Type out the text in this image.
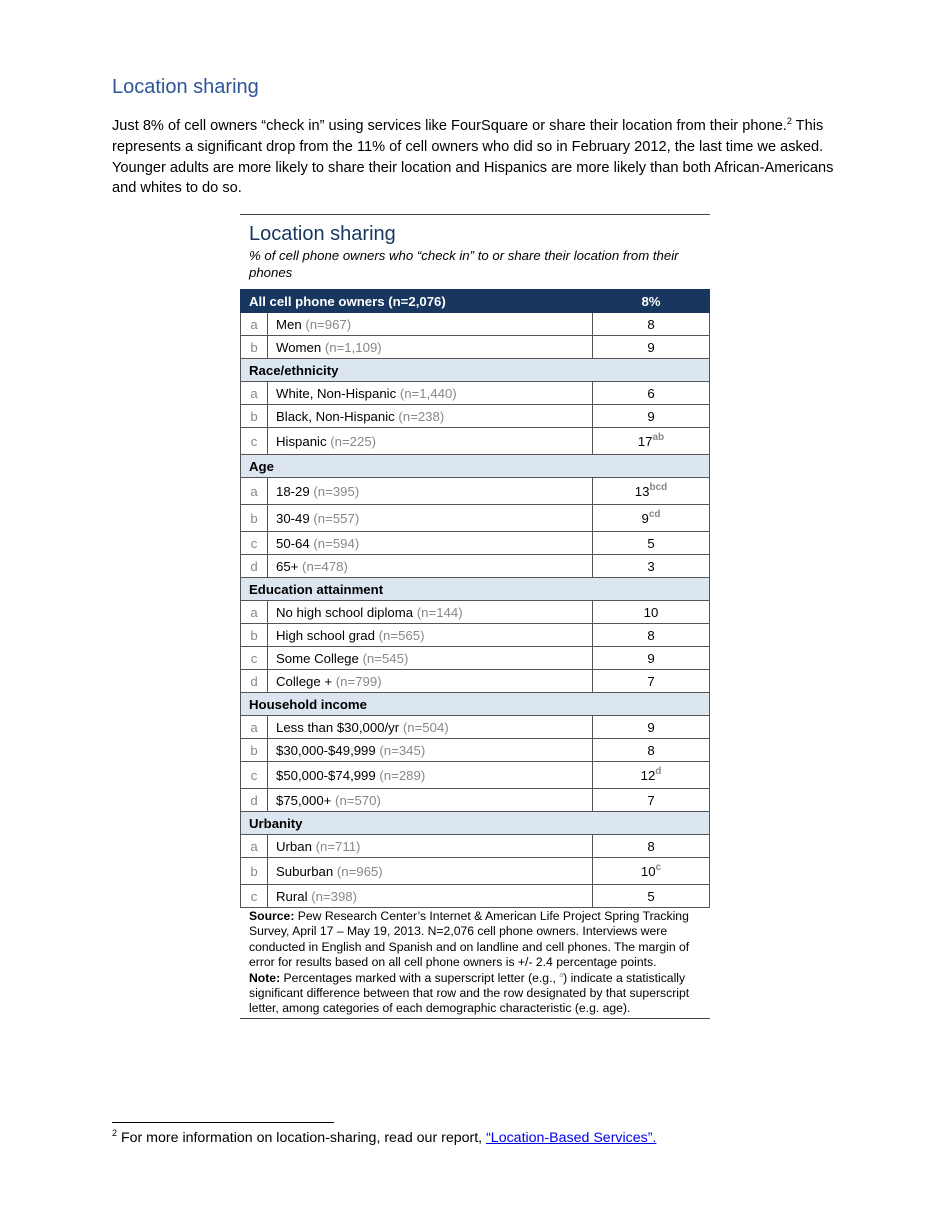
Location sharing

Just 8% of cell owners “check in” using services like FourSquare or share their location from their phone.$^2$ This represents a significant drop from the 11% of cell owners who did so in February 2012, the last time we asked. Younger adults are more likely to share their location and Hispanics are more likely than both African-Americans and whites to do so.

Location sharing

% of cell phone owners who “check in” to or share their location from their phones

All cell phone owners (n=2,076)		8%
a	Men (n=967)	8
b	Women (n=1,109)	9
Race/ethnicity		
a	White, Non-Hispanic (n=1,440)	6
b	Black, Non-Hispanic (n=238)	9
c	Hispanic (n=225)	$17^{ab}$
Age		
a	18-29 (n=395)	$13^{bcd}$
b	30-49 (n=557)	$9^{cd}$
c	50-64 (n=594)	5
d	65+ (n=478)	3
Education attainment		
a	No high school diploma (n=144)	10
b	High school grad (n=565)	8
c	Some College (n=545)	9
d	College + (n=799)	7
Household income		
a	Less than $30,000/yr (n=504)	9
b	$30,000-$49,999 (n=345)	8
c	$50,000-$74,999 (n=289)	12$^d$
d	$75,000+ (n=570)	7
Urbanity		
a	Urban (n=711)	8
b	Suburban (n=965)	10$^c$
c	Rural (n=398)	5

Source: Pew Research Center’s Internet & American Life Project Spring Tracking Survey, April 17 – May 19, 2013. N=2,076 cell phone owners. Interviews were conducted in English and Spanish and on landline and cell phones. The margin of error for results based on all cell phone owners is +/- 2.4 percentage points.
Note: Percentages marked with a superscript letter (e.g., $^a$) indicate a statistically significant difference between that row and the row designated by that superscript letter, among categories of each demographic characteristic (e.g. age).

$^2$ For more information on location-sharing, read our report, “Location-Based Services”.
